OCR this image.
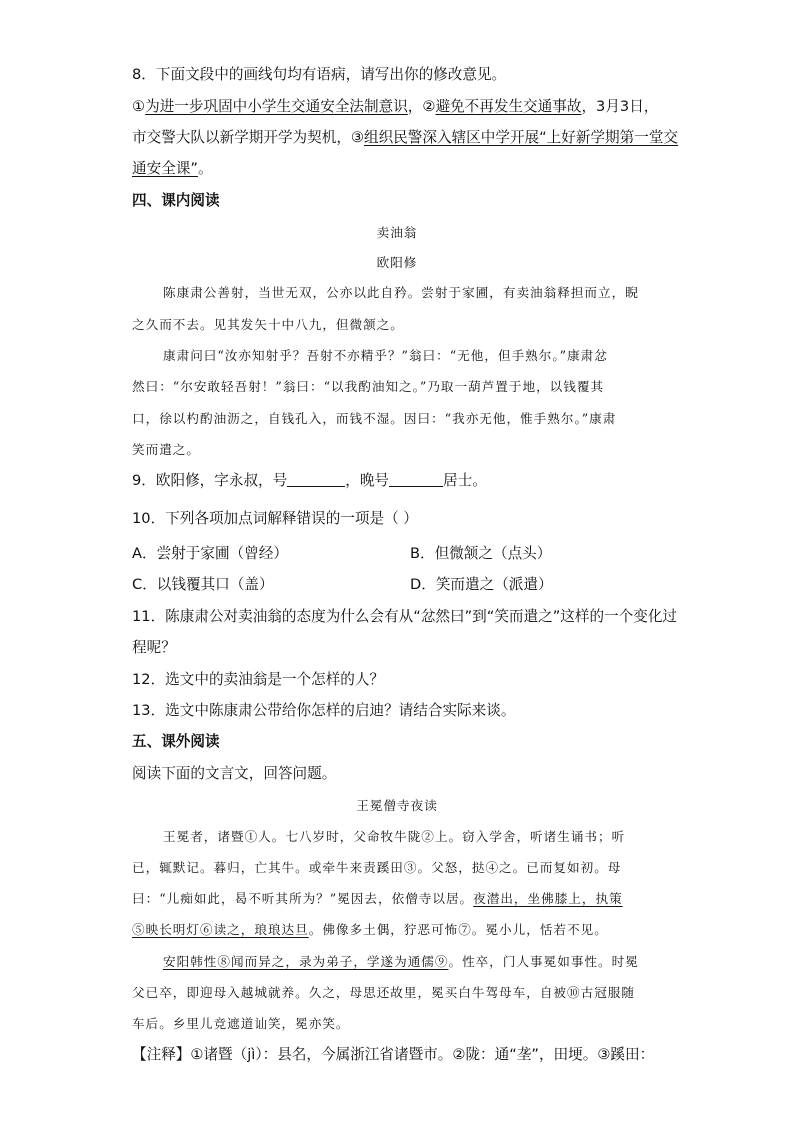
8．下面文段中的画线句均有语病，请写出你的修改意见。
①为进一步巩固中小学生交通安全法制意识，②避免不再发生交通事故，3月3日，
市交警大队以新学期开学为契机，③组织民警深入辖区中学开展“上好新学期第一堂交
通安全课”。
四、课内阅读
卖油翁
欧阳修
陈康肃公善射，当世无双，公亦以此自矜。尝射于家圃，有卖油翁释担而立，睨
之久而不去。见其发矢十中八九，但微颔之。
康肃问曰“汝亦知射乎？吾射不亦精乎？”翁曰：“无他，但手熟尔。”康肃忿
然曰：“尔安敢轻吾射！”翁曰：“以我酌油知之。”乃取一葫芦置于地，以钱覆其
口，徐以杓酌油沥之，自钱孔入，而钱不湿。因曰：“我亦无他，惟手熟尔。”康肃
笑而遣之。
9．欧阳修，字永叔，号	，晚号	居士。
10．下列各项加点词解释错误的一项是（ ）
A．尝射于家圃（曾经）	B．但微颔之（点头）
C．以钱覆其口（盖）	D．笑而遣之（派遣）
11．陈康肃公对卖油翁的态度为什么会有从“忿然曰”到“笑而遣之”这样的一个变化过
程呢？
12．选文中的卖油翁是一个怎样的人？
13．选文中陈康肃公带给你怎样的启迪？请结合实际来谈。
五、课外阅读
阅读下面的文言文，回答问题。
王冕僧寺夜读
王冕者，诸暨①人。七八岁时，父命牧牛陇②上。窃入学舍，听诸生诵书；听
已，辄默记。暮归，亡其牛。或牵牛来责蹊田③。父怒，挞④之。已而复如初。母
曰：“儿痴如此，曷不听其所为？”冕因去，依僧寺以居。夜潜出，坐佛膝上，执策
⑤映长明灯⑥读之，琅琅达旦。佛像多土偶，狞恶可怖⑦。冕小儿，恬若不见。
安阳韩性⑧闻而异之，录为弟子，学遂为通儒⑨。性卒，门人事冕如事性。时冕
父已卒，即迎母入越城就养。久之，母思还故里，冕买白牛驾母车，自被⑩古冠服随
车后。乡里儿竞遮道讪笑，冕亦笑。
【注释】①诸暨（jì）：县名，今属浙江省诸暨市。②陇：通“垄”，田埂。③蹊田：
